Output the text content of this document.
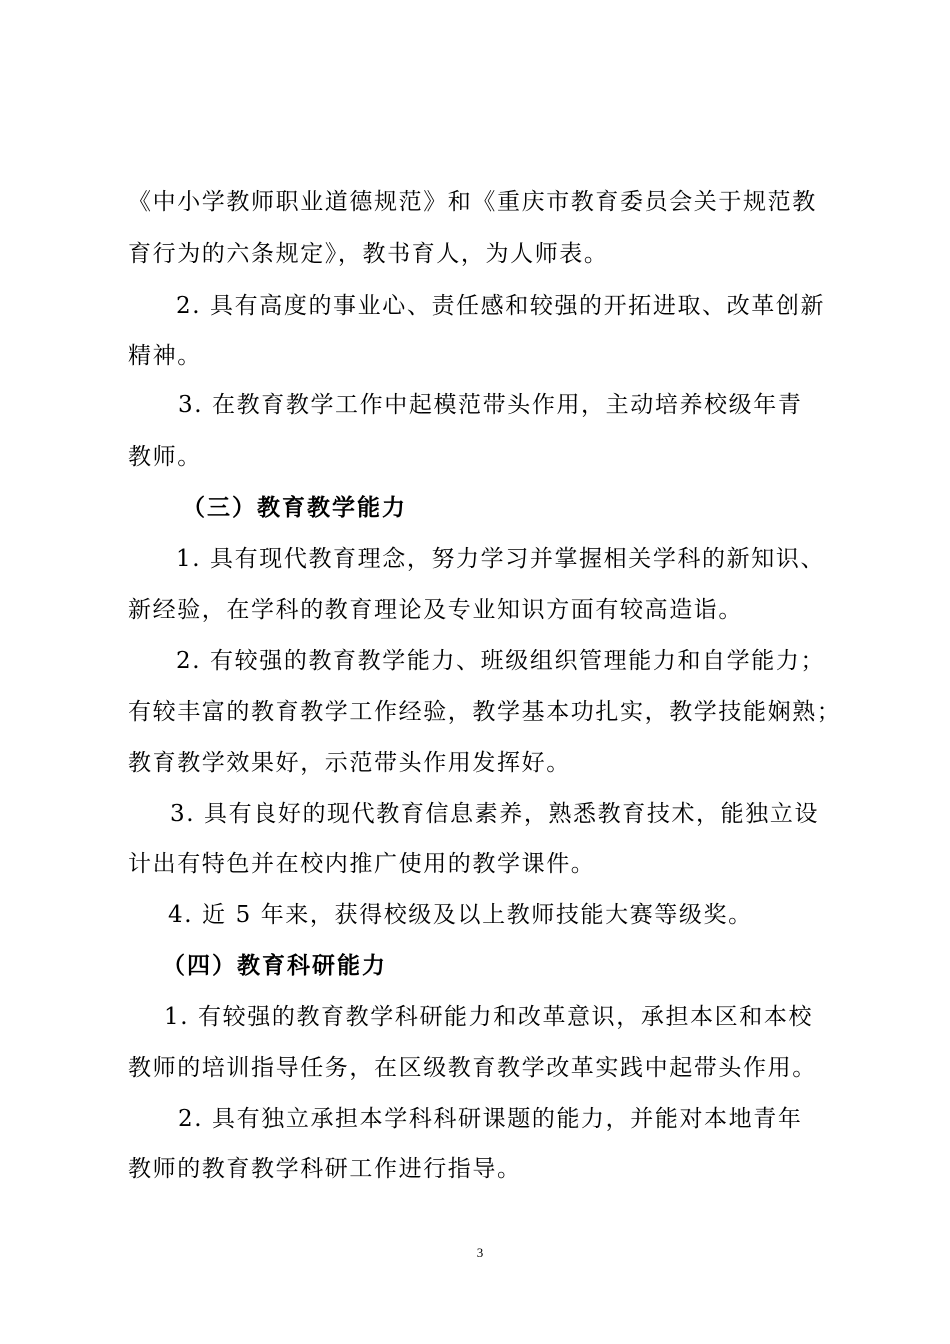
《中小学教师职业道德规范》和《重庆市教育委员会关于规范教
育行为的六条规定》，教书育人，为人师表。
2. 具有高度的事业心、责任感和较强的开拓进取、改革创新
精神。
3. 在教育教学工作中起模范带头作用，主动培养校级年青
教师。
（三）教育教学能力
1. 具有现代教育理念，努力学习并掌握相关学科的新知识、
新经验，在学科的教育理论及专业知识方面有较高造诣。
2. 有较强的教育教学能力、班级组织管理能力和自学能力；
有较丰富的教育教学工作经验，教学基本功扎实，教学技能娴熟；
教育教学效果好，示范带头作用发挥好。
3. 具有良好的现代教育信息素养，熟悉教育技术，能独立设
计出有特色并在校内推广使用的教学课件。
4. 近 5 年来，获得校级及以上教师技能大赛等级奖。
（四）教育科研能力
1. 有较强的教育教学科研能力和改革意识，承担本区和本校
教师的培训指导任务，在区级教育教学改革实践中起带头作用。
2. 具有独立承担本学科科研课题的能力，并能对本地青年
教师的教育教学科研工作进行指导。
3
